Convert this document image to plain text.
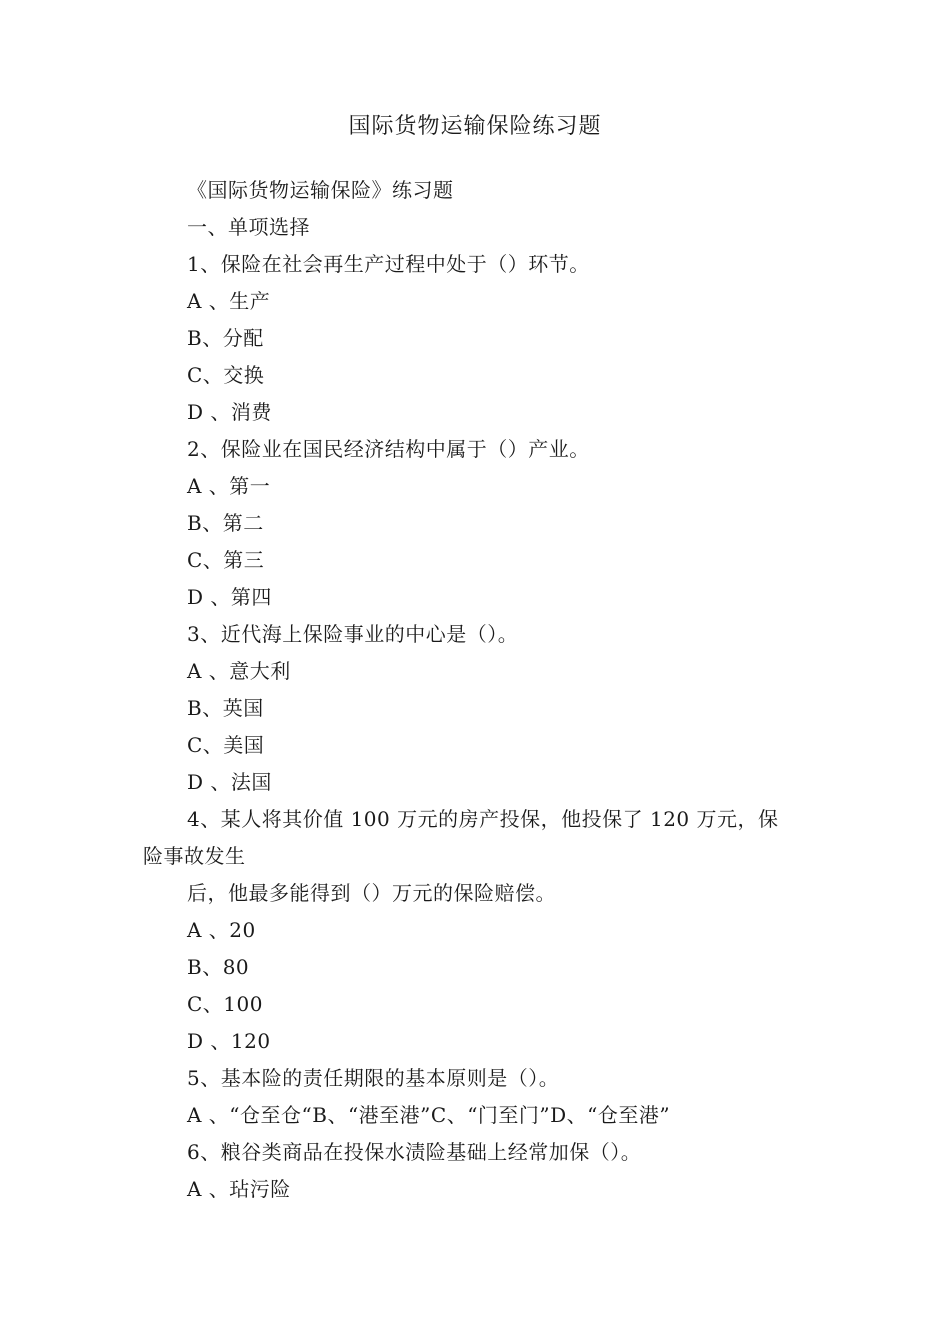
国际货物运输保险练习题
《国际货物运输保险》练习题
一、单项选择
1、保险在社会再生产过程中处于（）环节。
A 、生产
B、分配
C、交换
D 、消费
2、保险业在国民经济结构中属于（）产业。
A 、第一
B、第二
C、第三
D 、第四
3、近代海上保险事业的中心是（）。
A 、意大利
B、英国
C、美国
D 、法国
4、某人将其价值 100 万元的房产投保，他投保了 120 万元，保
险事故发生
后，他最多能得到（）万元的保险赔偿。
A 、20
B、80
C、100
D 、120
5、基本险的责任期限的基本原则是（）。
A 、“仓至仓“B、“港至港”C、“门至门”D、“仓至港”
6、粮谷类商品在投保水渍险基础上经常加保（）。
A 、玷污险
